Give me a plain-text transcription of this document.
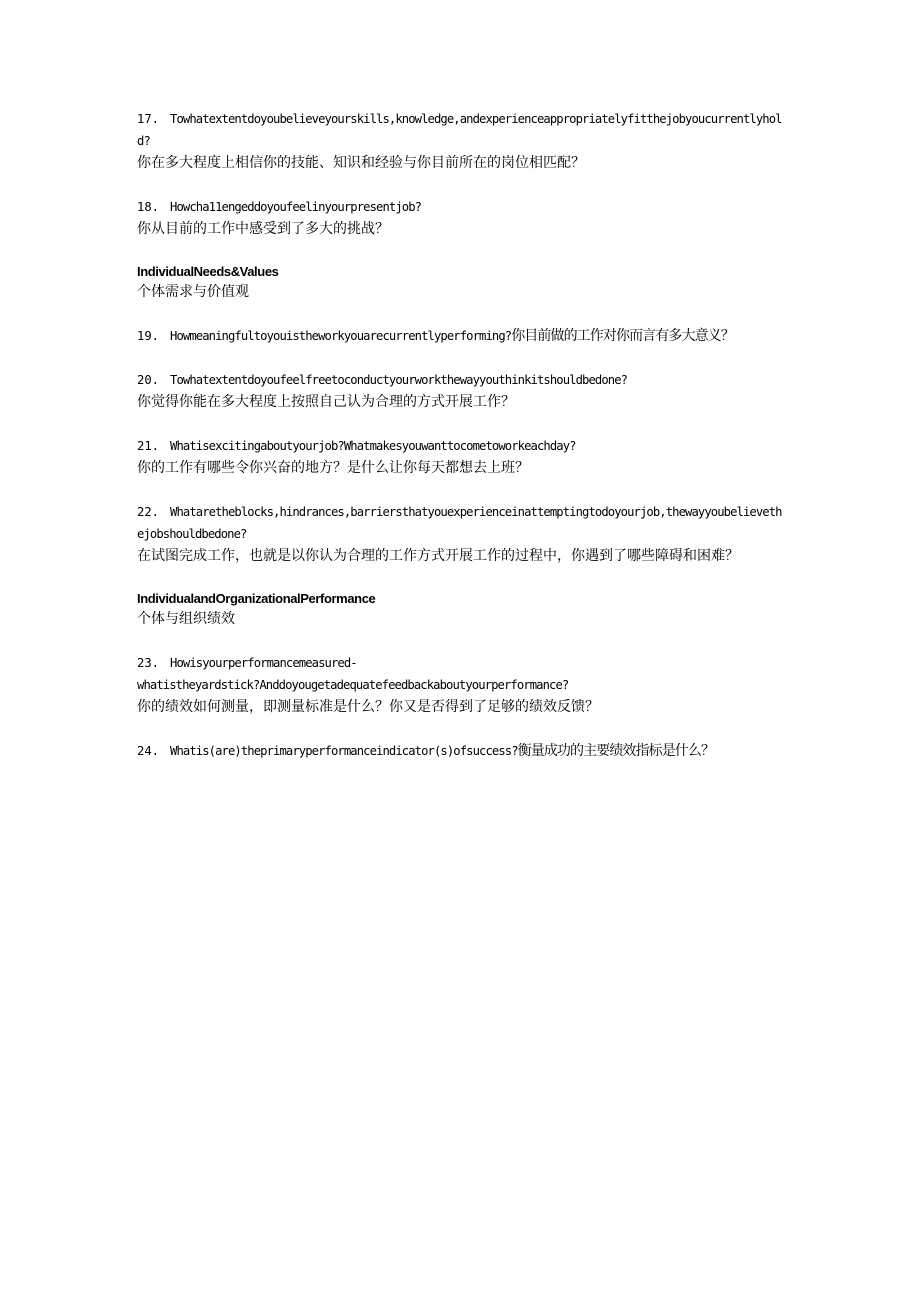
17. Towhatextentdoyoubelieveyourskills,knowledge,andexperienceappropriatelyfitthejobyoucurrentlyhold?
你在多大程度上相信你的技能、知识和经验与你目前所在的岗位相匹配？
18. Howcha11engeddoyoufeelinyourpresentjob?
你从目前的工作中感受到了多大的挑战？
IndividualNeeds&Values
个体需求与价值观
19. Howmeaningfultoyouistheworkyouarecurrentlyperforming?你目前做的工作对你而言有多大意义？
20. Towhatextentdoyoufeelfreetoconductyourworkthewayyouthinkitshouldbedone?
你觉得你能在多大程度上按照自己认为合理的方式开展工作？
21. Whatisexcitingaboutyourjob?Whatmakesyouwanttocometoworkeachday?
你的工作有哪些令你兴奋的地方？是什么让你每天都想去上班？
22. Whataretheblocks,hindrances,barriersthatyouexperienceinattemptingtodoyourjob,thewayyoubelievethejobshouldbedone?
在试图完成工作，也就是以你认为合理的工作方式开展工作的过程中，你遇到了哪些障碍和困难？
IndividualandOrganizationalPerformance
个体与组织绩效
23. Howisyourperformancemeasured-
whatistheyardstick?Anddoyougetadequatefeedbackaboutyourperformance?
你的绩效如何测量，即测量标准是什么？你又是否得到了足够的绩效反馈？
24. Whatis(are)theprimaryperformanceindicator(s)ofsuccess?衡量成功的主要绩效指标是什么？
